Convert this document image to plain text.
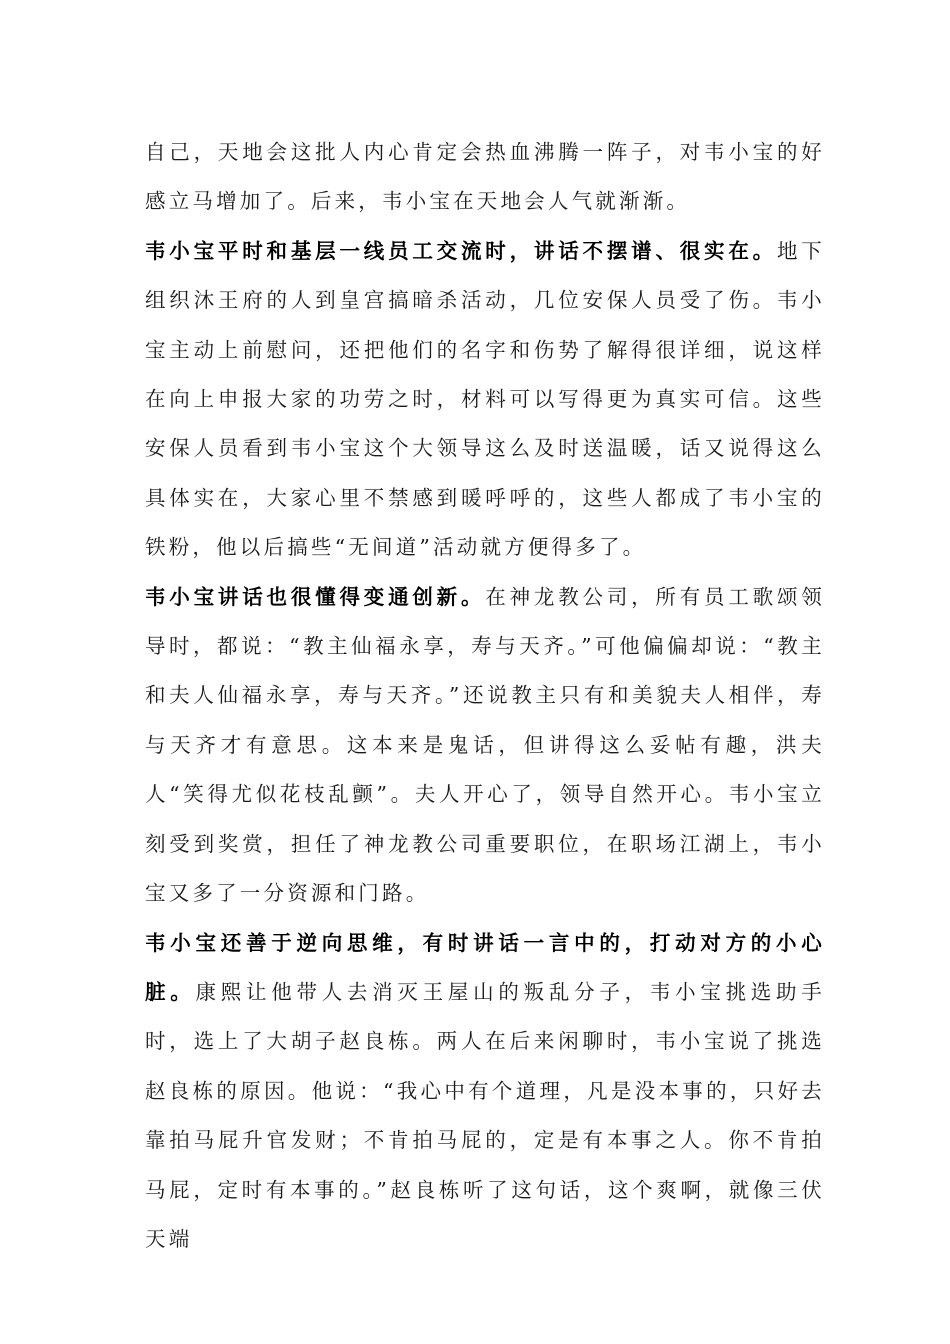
自己，天地会这批人内心肯定会热血沸腾一阵子，对韦小宝的好感立马增加了。后来，韦小宝在天地会人气就渐渐。

韦小宝平时和基层一线员工交流时，讲话不摆谱、很实在。地下组织沐王府的人到皇宫搞暗杀活动，几位安保人员受了伤。韦小宝主动上前慰问，还把他们的名字和伤势了解得很详细，说这样在向上申报大家的功劳之时，材料可以写得更为真实可信。这些安保人员看到韦小宝这个大领导这么及时送温暖，话又说得这么具体实在，大家心里不禁感到暖呼呼的，这些人都成了韦小宝的铁粉，他以后搞些“无间道”活动就方便得多了。

韦小宝讲话也很懂得变通创新。在神龙教公司，所有员工歌颂领导时，都说：“教主仙福永享，寿与天齐。”可他偏偏却说：“教主和夫人仙福永享，寿与天齐。”还说教主只有和美貌夫人相伴，寿与天齐才有意思。这本来是鬼话，但讲得这么妥帖有趣，洪夫人“笑得尤似花枝乱颤”。夫人开心了，领导自然开心。韦小宝立刻受到奖赏，担任了神龙教公司重要职位，在职场江湖上，韦小宝又多了一分资源和门路。

韦小宝还善于逆向思维，有时讲话一言中的，打动对方的小心脏。康熙让他带人去消灭王屋山的叛乱分子，韦小宝挑选助手时，选上了大胡子赵良栋。两人在后来闲聊时，韦小宝说了挑选赵良栋的原因。他说：“我心中有个道理，凡是没本事的，只好去靠拍马屁升官发财；不肯拍马屁的，定是有本事之人。你不肯拍马屁，定时有本事的。”赵良栋听了这句话，这个爽啊，就像三伏天端
